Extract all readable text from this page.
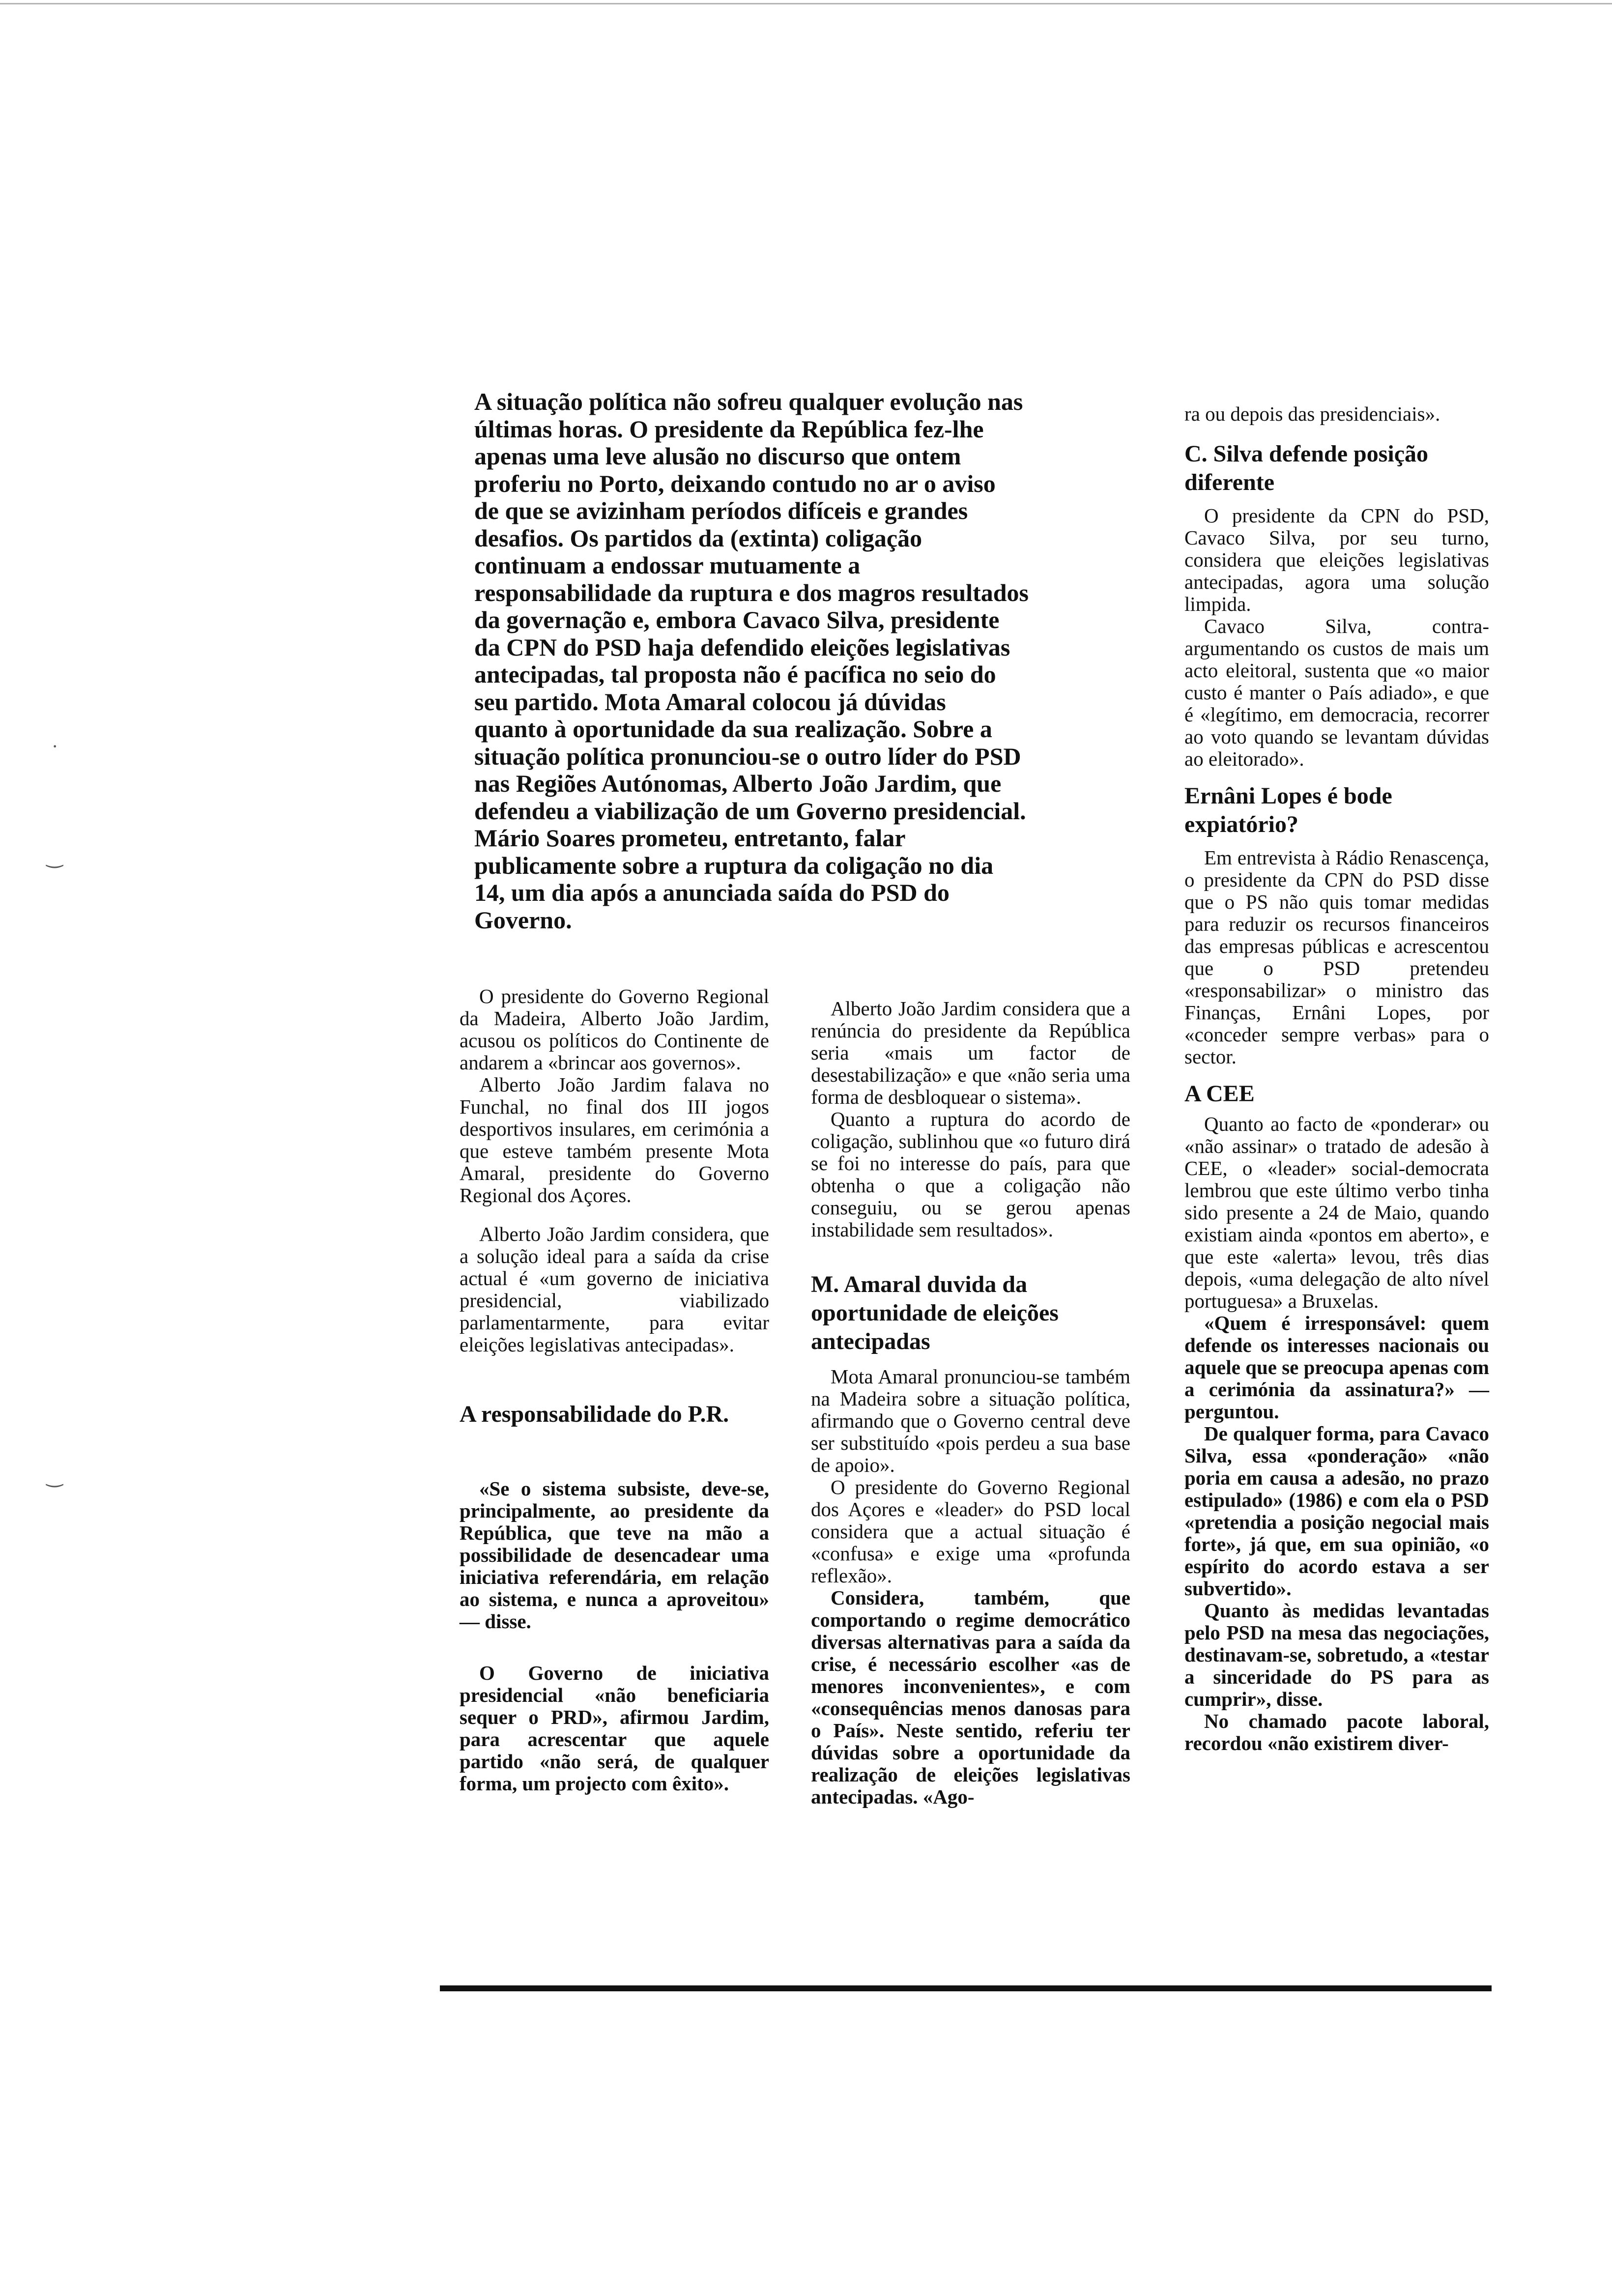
·
‿
‿
A situação política não sofreu qualquer evolução nas
últimas horas. O presidente da República fez-lhe
apenas uma leve alusão no discurso que ontem
proferiu no Porto, deixando contudo no ar o aviso
de que se avizinham períodos difíceis e grandes
desafios. Os partidos da (extinta) coligação
continuam a endossar mutuamente a
responsabilidade da ruptura e dos magros resultados
da governação e, embora Cavaco Silva, presidente
da CPN do PSD haja defendido eleições legislativas
antecipadas, tal proposta não é pacífica no seio do
seu partido. Mota Amaral colocou já dúvidas
quanto à oportunidade da sua realização. Sobre a
situação política pronunciou-se o outro líder do PSD
nas Regiões Autónomas, Alberto João Jardim, que
defendeu a viabilização de um Governo presidencial.
Mário Soares prometeu, entretanto, falar
publicamente sobre a ruptura da coligação no dia
14, um dia após a anunciada saída do PSD do
Governo.

O presidente do Governo Regional da Madeira, Alberto João Jardim, acusou os políticos do Continente de andarem a «brincar aos governos».

Alberto João Jardim falava no Funchal, no final dos III jogos desportivos insulares, em cerimónia a que esteve também presente Mota Amaral, presidente do Governo Regional dos Açores.

Alberto João Jardim considera, que a solução ideal para a saída da crise actual é «um governo de iniciativa presidencial, viabilizado parlamentarmente, para evitar eleições legislativas antecipadas».

A responsabilidade do P.R.

«Se o sistema subsiste, deve-se, principalmente, ao presidente da República, que teve na mão a possibilidade de desencadear uma iniciativa referendária, em relação ao sistema, e nunca a aproveitou» — disse.

O Governo de iniciativa presidencial «não beneficiaria sequer o PRD», afirmou Jardim, para acrescentar que aquele partido «não será, de qualquer forma, um projecto com êxito».

Alberto João Jardim considera que a renúncia do presidente da República seria «mais um factor de desestabilização» e que «não seria uma forma de desbloquear o sistema».

Quanto a ruptura do acordo de coligação, sublinhou que «o futuro dirá se foi no interesse do país, para que obtenha o que a coligação não conseguiu, ou se gerou apenas instabilidade sem resultados».

M. Amaral duvida da oportunidade de eleições antecipadas

Mota Amaral pronunciou-se também na Madeira sobre a situação política, afirmando que o Governo central deve ser substituído «pois perdeu a sua base de apoio».

O presidente do Governo Regional dos Açores e «leader» do PSD local considera que a actual situação é «confusa» e exige uma «profunda reflexão».

Considera, também, que comportando o regime democrático diversas alternativas para a saída da crise, é necessário escolher «as de menores inconvenientes», e com «consequências menos danosas para o País». Neste sentido, referiu ter dúvidas sobre a oportunidade da realização de eleições legislativas antecipadas. «Ago-

ra ou depois das presidenciais».

C. Silva defende posição diferente

O presidente da CPN do PSD, Cavaco Silva, por seu turno, considera que eleições legislativas antecipadas, agora uma solução limpida.

Cavaco Silva, contra-argumentando os custos de mais um acto eleitoral, sustenta que «o maior custo é manter o País adiado», e que é «legítimo, em democracia, recorrer ao voto quando se levantam dúvidas ao eleitorado».

Ernâni Lopes é bode expiatório?

Em entrevista à Rádio Renascença, o presidente da CPN do PSD disse que o PS não quis tomar medidas para reduzir os recursos financeiros das empresas públicas e acrescentou que o PSD pretendeu «responsabilizar» o ministro das Finanças, Ernâni Lopes, por «conceder sempre verbas» para o sector.

A CEE

Quanto ao facto de «ponderar» ou «não assinar» o tratado de adesão à CEE, o «leader» social-democrata lembrou que este último verbo tinha sido presente a 24 de Maio, quando existiam ainda «pontos em aberto», e que este «alerta» levou, três dias depois, «uma delegação de alto nível portuguesa» a Bruxelas.

«Quem é irresponsável: quem defende os interesses nacionais ou aquele que se preocupa apenas com a cerimónia da assinatura?» — perguntou.

De qualquer forma, para Cavaco Silva, essa «ponderação» «não poria em causa a adesão, no prazo estipulado» (1986) e com ela o PSD «pretendia a posição negocial mais forte», já que, em sua opinião, «o espírito do acordo estava a ser subvertido».

Quanto às medidas levantadas pelo PSD na mesa das negociações, destinavam-se, sobretudo, a «testar a sinceridade do PS para as cumprir», disse.

No chamado pacote laboral, recordou «não existirem diver-
